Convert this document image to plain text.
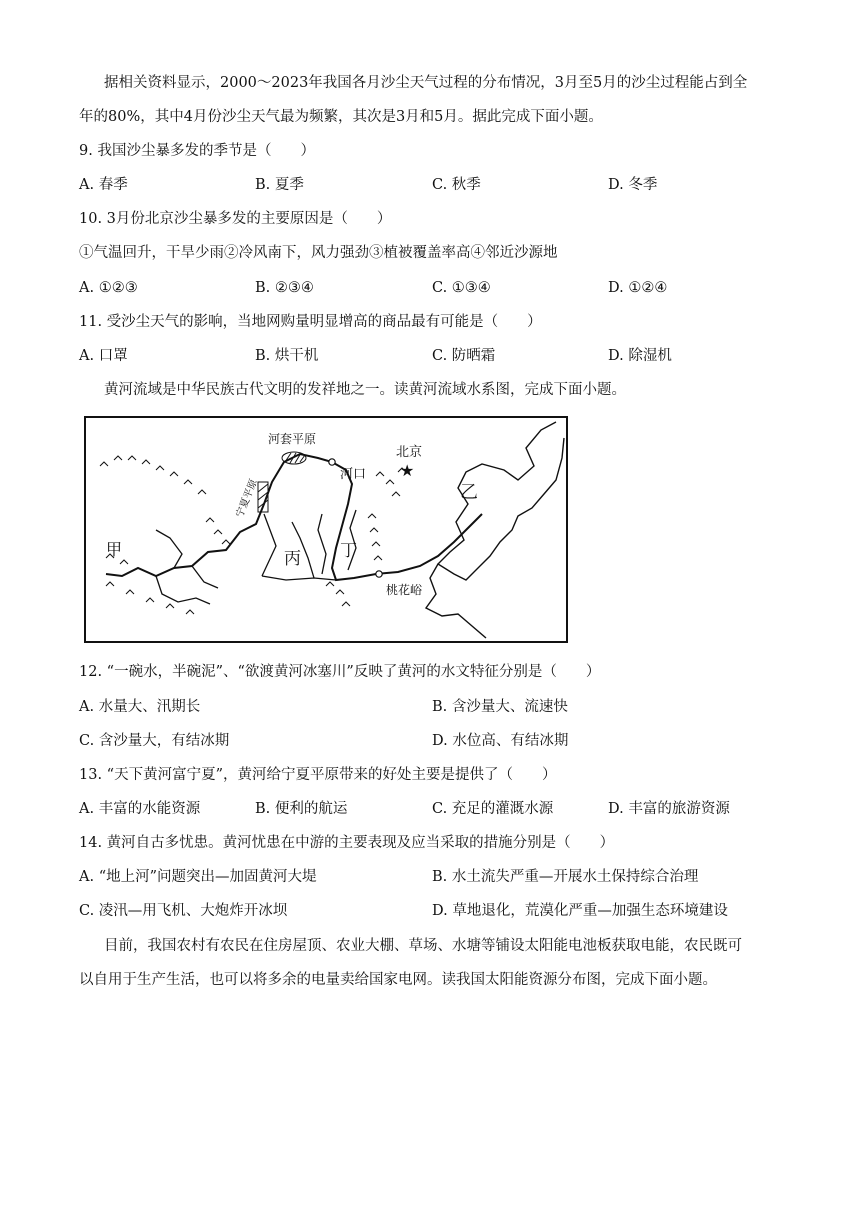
据相关资料显示，2000～2023年我国各月沙尘天气过程的分布情况，3月至5月的沙尘过程能占到全
年的80%，其中4月份沙尘天气最为频繁，其次是3月和5月。据此完成下面小题。
9. 我国沙尘暴多发的季节是（　　）
A. 春季	B. 夏季	C. 秋季	D. 冬季
10. 3月份北京沙尘暴多发的主要原因是（　　）
①气温回升，干旱少雨②冷风南下，风力强劲③植被覆盖率高④邻近沙源地
A. ①②③	B. ②③④	C. ①③④	D. ①②④
11. 受沙尘天气的影响，当地网购量明显增高的商品最有可能是（　　）
A. 口罩	B. 烘干机	C. 防晒霜	D. 除湿机
黄河流域是中华民族古代文明的发祥地之一。读黄河流域水系图，完成下面小题。
河套平原
河口
北京
★
甲
乙
丙 丁
桃花峪
宁夏平原
12. “一碗水，半碗泥”、“欲渡黄河冰塞川”反映了黄河的水文特征分别是（　　）
A. 水量大、汛期长	B. 含沙量大、流速快
C. 含沙量大，有结冰期	D. 水位高、有结冰期
13. “天下黄河富宁夏”，黄河给宁夏平原带来的好处主要是提供了（　　）
A. 丰富的水能资源	B. 便利的航运	C. 充足的灌溉水源	D. 丰富的旅游资源
14. 黄河自古多忧患。黄河忧患在中游的主要表现及应当采取的措施分别是（　　）
A. “地上河”问题突出—加固黄河大堤	B. 水土流失严重—开展水土保持综合治理
C. 凌汛—用飞机、大炮炸开冰坝	D. 草地退化，荒漠化严重—加强生态环境建设
目前，我国农村有农民在住房屋顶、农业大棚、草场、水塘等铺设太阳能电池板获取电能，农民既可
以自用于生产生活，也可以将多余的电量卖给国家电网。读我国太阳能资源分布图，完成下面小题。
